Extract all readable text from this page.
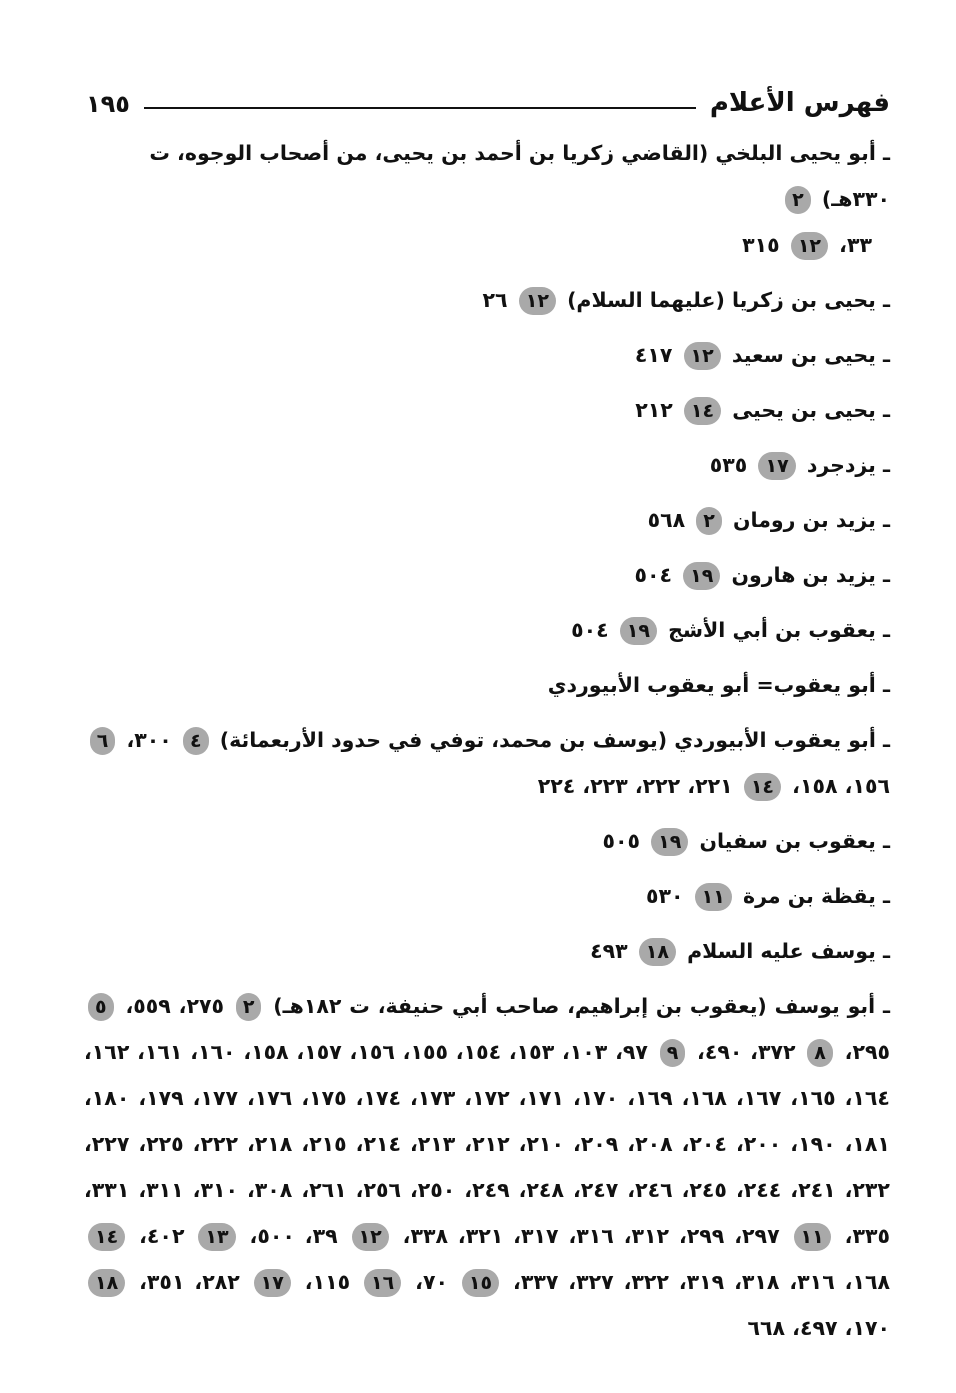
فهرس الأعلام
١٩٥
ـ أبو يحيى البلخي (القاضي زكريا بن أحمد بن يحيى، من أصحاب الوجوه، ت ٣٣٠هـ) ٢
٣٣، ١٢ ٣١٥
ـ يحيى بن زكريا (عليهما السلام) ١٢ ٢٦
ـ يحيى بن سعيد ١٢ ٤١٧
ـ يحيى بن يحيى ١٤ ٢١٢
ـ يزدجرد ١٧ ٥٣٥
ـ يزيد بن رومان ٢ ٥٦٨
ـ يزيد بن هارون ١٩ ٥٠٤
ـ يعقوب بن أبي الأشج ١٩ ٥٠٤
ـ أبو يعقوب= أبو يعقوب الأبيوردي
ـ أبو يعقوب الأبيوردي (يوسف بن محمد، توفي في حدود الأربعمائة) ٤ ٣٠٠، ٦ ١٥٦، ١٥٨، ١٤ ٢٢١، ٢٢٢، ٢٢٣، ٢٢٤
ـ يعقوب بن سفيان ١٩ ٥٠٥
ـ يقظة بن مرة ١١ ٥٣٠
ـ يوسف عليه السلام ١٨ ٤٩٣
ـ أبو يوسف (يعقوب بن إبراهيم، صاحب أبي حنيفة، ت ١٨٢هـ) ٢ ٢٧٥، ٥٥٩، ٥ ٢٩٥، ٨ ٣٧٢، ٤٩٠، ٩ ٩٧، ١٠٣، ١٥٣، ١٥٤، ١٥٥، ١٥٦، ١٥٧، ١٥٨، ١٦٠، ١٦١، ١٦٢، ١٦٤، ١٦٥، ١٦٧، ١٦٨، ١٦٩، ١٧٠، ١٧١، ١٧٢، ١٧٣، ١٧٤، ١٧٥، ١٧٦، ١٧٧، ١٧٩، ١٨٠، ١٨١، ١٩٠، ٢٠٠، ٢٠٤، ٢٠٨، ٢٠٩، ٢١٠، ٢١٢، ٢١٣، ٢١٤، ٢١٥، ٢١٨، ٢٢٢، ٢٢٥، ٢٢٧، ٢٣٢، ٢٤١، ٢٤٤، ٢٤٥، ٢٤٦، ٢٤٧، ٢٤٨، ٢٤٩، ٢٥٠، ٢٥٦، ٢٦١، ٣٠٨، ٣١٠، ٣١١، ٣٣١، ٣٣٥، ١١ ٢٩٧، ٢٩٩، ٣١٢، ٣١٦، ٣١٧، ٣٢١، ٣٣٨، ١٢ ٣٩، ٥٠٠، ١٣ ٤٠٢، ١٤ ١٦٨، ٣١٦، ٣١٨، ٣١٩، ٣٢٢، ٣٢٧، ٣٣٧، ١٥ ٧٠، ١٦ ١١٥، ١٧ ٢٨٢، ٣٥١، ١٨ ١٧٠، ٤٩٧، ٦٦٨
